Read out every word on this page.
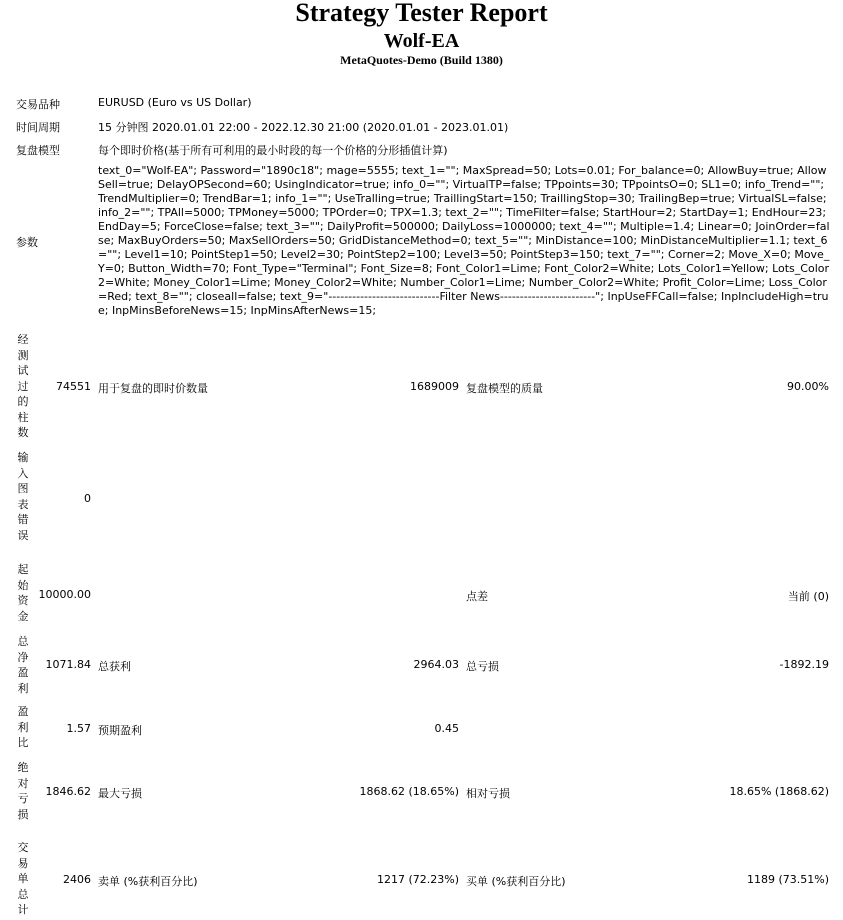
Strategy Tester Report
Wolf-EA
MetaQuotes-Demo (Build 1380)
交易品种	EURUSD (Euro vs US Dollar)
时间周期	15 分钟图 2020.01.01 22:00 - 2022.12.30 21:00 (2020.01.01 - 2023.01.01)
复盘模型	每个即时价格(基于所有可利用的最小时段的每一个价格的分形插值计算)
参数
text_0="Wolf-EA"; Password="1890c18"; mage=5555; text_1=""; MaxSpread=50; Lots=0.01; For_balance=0; AllowBuy=true; AllowSell=true; DelayOPSecond=60; UsingIndicator=true; info_0=""; VirtualTP=false; TPpoints=30; TPpointsO=0; SL1=0; info_Trend=""; TrendMultiplier=0; TrendBar=1; info_1=""; UseTralling=true; TraillingStart=150; TraillingStop=30; TrailingBep=true; VirtualSL=false; info_2=""; TPAll=5000; TPMoney=5000; TPOrder=0; TPX=1.3; text_2=""; TimeFilter=false; StartHour=2; StartDay=1; EndHour=23; EndDay=5; ForceClose=false; text_3=""; DailyProfit=500000; DailyLoss=1000000; text_4=""; Multiple=1.4; Linear=0; JoinOrder=false; MaxBuyOrders=50; MaxSellOrders=50; GridDistanceMethod=0; text_5=""; MinDistance=100; MinDistanceMultiplier=1.1; text_6=""; Level1=10; PointStep1=50; Level2=30; PointStep2=100; Level3=50; PointStep3=150; text_7=""; Corner=2; Move_X=0; Move_Y=0; Button_Width=70; Font_Type="Terminal"; Font_Size=8; Font_Color1=Lime; Font_Color2=White; Lots_Color1=Yellow; Lots_Color2=White; Money_Color1=Lime; Money_Color2=White; Number_Color1=Lime; Number_Color2=White; Profit_Color=Lime; Loss_Color=Red; text_8=""; closeall=false; text_9="----------------------------Filter News------------------------"; InpUseFFCall=false; InpIncludeHigh=true; InpMinsBeforeNews=15; InpMinsAfterNews=15;
经测试过的柱数
74551 用于复盘的即时价数量	1689009 复盘模型的质量	90.00%
输入图表错误
0
起始资金
10000.00	点差	当前 (0)
总净盈利
1071.84 总获利	2964.03 总亏损	-1892.19
盈利比
1.57 预期盈利	0.45
绝对亏损
1846.62 最大亏损	1868.62 (18.65%) 相对亏损	18.65% (1868.62)
交易单总计
2406 卖单 (%获利百分比)	1217 (72.23%) 买单 (%获利百分比)	1189 (73.51%)
